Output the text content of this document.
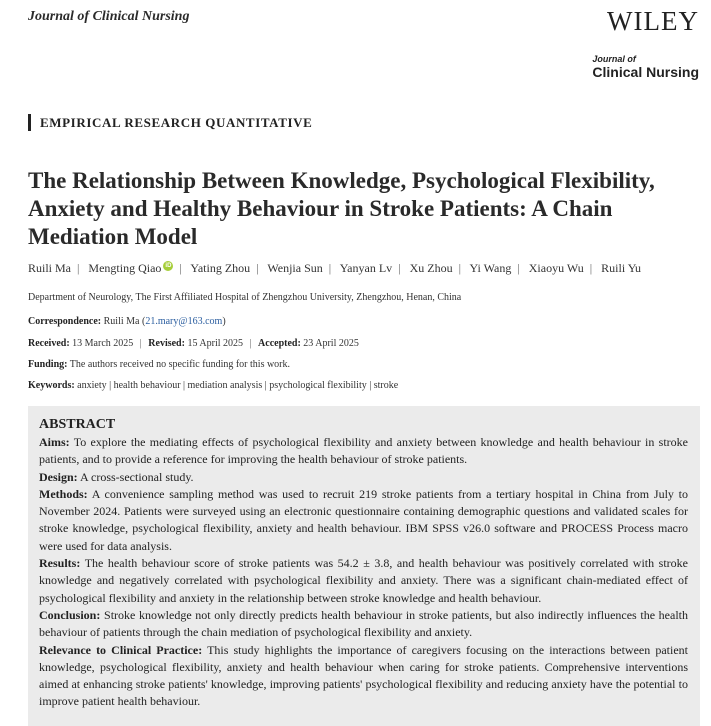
Journal of Clinical Nursing	WILEY
Journal of
Clinical Nursing
EMPIRICAL RESEARCH QUANTITATIVE
The Relationship Between Knowledge, Psychological Flexibility, Anxiety and Healthy Behaviour in Stroke Patients: A Chain Mediation Model
Ruili Ma | Mengting Qiao iD | Yating Zhou | Wenjia Sun | Yanyan Lv | Xu Zhou | Yi Wang | Xiaoyu Wu | Ruili Yu
Department of Neurology, The First Affiliated Hospital of Zhengzhou University, Zhengzhou, Henan, China
Correspondence: Ruili Ma (21.mary@163.com)
Received: 13 March 2025 | Revised: 15 April 2025 | Accepted: 23 April 2025
Funding: The authors received no specific funding for this work.
Keywords: anxiety | health behaviour | mediation analysis | psychological flexibility | stroke
ABSTRACT

Aims: To explore the mediating effects of psychological flexibility and anxiety between knowledge and health behaviour in stroke patients, and to provide a reference for improving the health behaviour of stroke patients.

Design: A cross-sectional study.

Methods: A convenience sampling method was used to recruit 219 stroke patients from a tertiary hospital in China from July to November 2024. Patients were surveyed using an electronic questionnaire containing demographic questions and validated scales for stroke knowledge, psychological flexibility, anxiety and health behaviour. IBM SPSS v26.0 software and PROCESS Process macro were used for data analysis.

Results: The health behaviour score of stroke patients was 54.2 ± 3.8, and health behaviour was positively correlated with stroke knowledge and negatively correlated with psychological flexibility and anxiety. There was a significant chain-mediated effect of psychological flexibility and anxiety in the relationship between stroke knowledge and health behaviour.

Conclusion: Stroke knowledge not only directly predicts health behaviour in stroke patients, but also indirectly influences the health behaviour of patients through the chain mediation of psychological flexibility and anxiety.

Relevance to Clinical Practice: This study highlights the importance of caregivers focusing on the interactions between patient knowledge, psychological flexibility, anxiety and health behaviour when caring for stroke patients. Comprehensive interventions aimed at enhancing stroke patients' knowledge, improving patients' psychological flexibility and reducing anxiety have the potential to improve patient health behaviour.
